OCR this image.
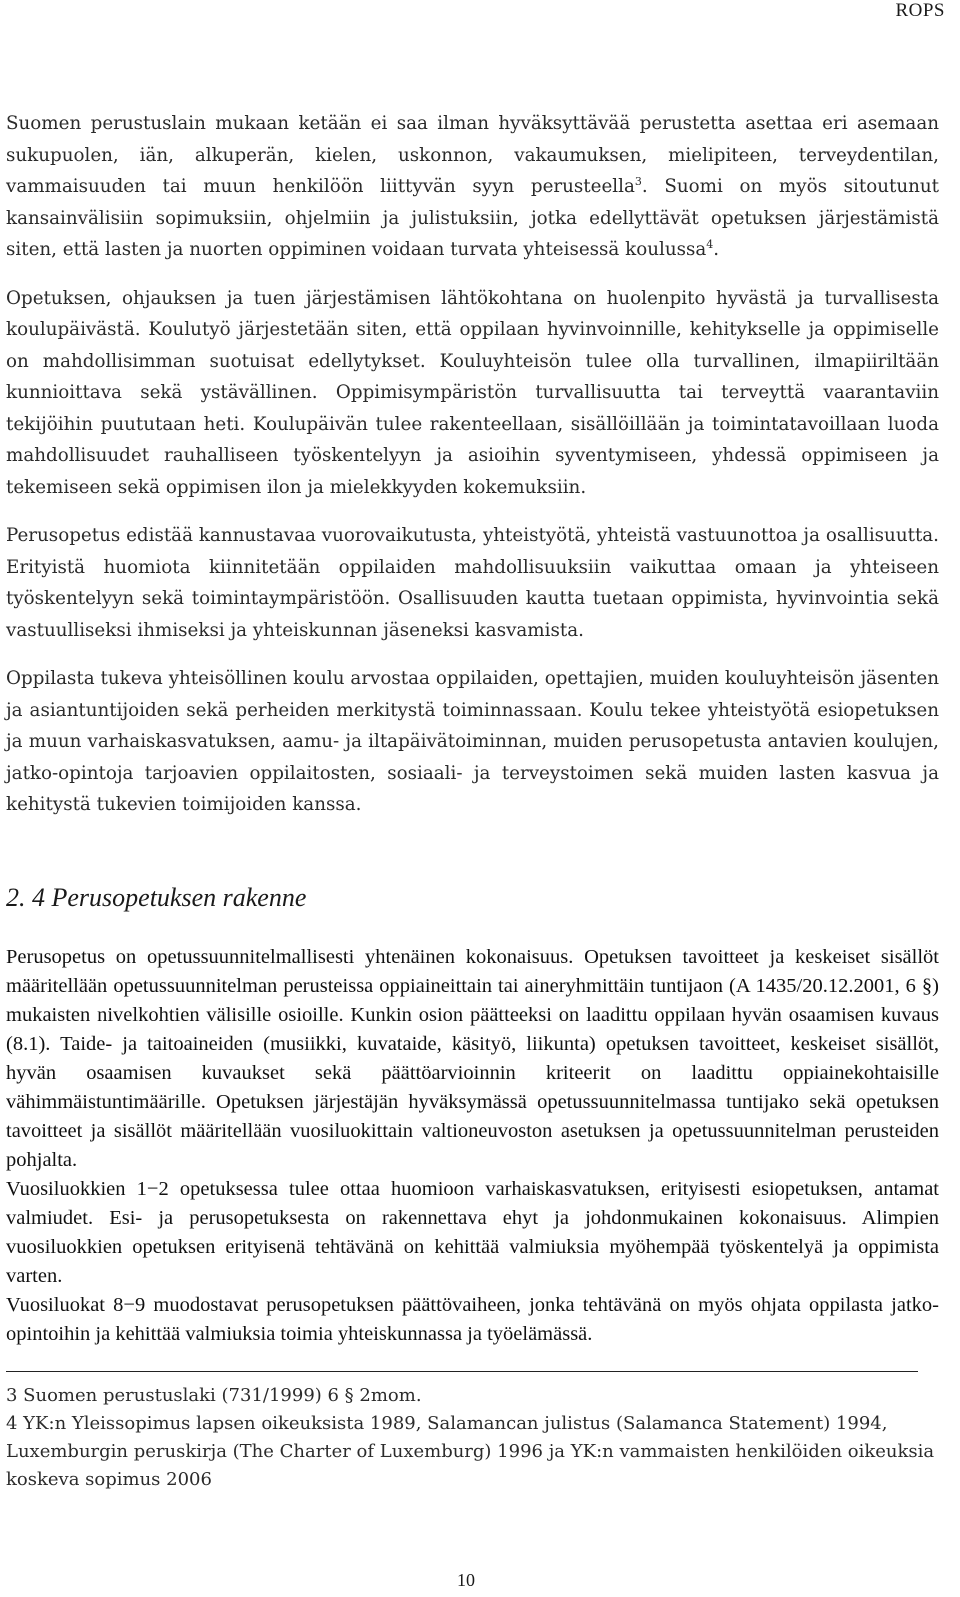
ROPS

Suomen perustuslain mukaan ketään ei saa ilman hyväksyttävää perustetta asettaa eri asemaan sukupuolen, iän, alkuperän, kielen, uskonnon, vakaumuksen, mielipiteen, terveydentilan, vammaisuuden tai muun henkilöön liittyvän syyn perusteella$^3$. Suomi on myös sitoutunut kansainvälisiin sopimuksiin, ohjelmiin ja julistuksiin, jotka edellyttävät opetuksen järjestämistä siten, että lasten ja nuorten oppiminen voidaan turvata yhteisessä koulussa$^4$.

Opetuksen, ohjauksen ja tuen järjestämisen lähtökohtana on huolenpito hyvästä ja turvallisesta koulupäivästä. Koulutyö järjestetään siten, että oppilaan hyvinvoinnille, kehitykselle ja oppimiselle on mahdollisimman suotuisat edellytykset. Kouluyhteisön tulee olla turvallinen, ilmapiiriltään kunnioittava sekä ystävällinen. Oppimisympäristön turvallisuutta tai terveyttä vaarantaviin tekijöihin puututaan heti. Koulupäivän tulee rakenteellaan, sisällöillään ja toimintatavoillaan luoda mahdollisuudet rauhalliseen työskentelyyn ja asioihin syventymiseen, yhdessä oppimiseen ja tekemiseen sekä oppimisen ilon ja mielekkyyden kokemuksiin.

Perusopetus edistää kannustavaa vuorovaikutusta, yhteistyötä, yhteistä vastuunottoa ja osallisuutta. Erityistä huomiota kiinnitetään oppilaiden mahdollisuuksiin vaikuttaa omaan ja yhteiseen työskentelyyn sekä toimintaympäristöön. Osallisuuden kautta tuetaan oppimista, hyvinvointia sekä vastuulliseksi ihmiseksi ja yhteiskunnan jäseneksi kasvamista.

Oppilasta tukeva yhteisöllinen koulu arvostaa oppilaiden, opettajien, muiden kouluyhteisön jäsenten ja asiantuntijoiden sekä perheiden merkitystä toiminnassaan. Koulu tekee yhteistyötä esiopetuksen ja muun varhaiskasvatuksen, aamu- ja iltapäivätoiminnan, muiden perusopetusta antavien koulujen, jatko-opintoja tarjoavien oppilaitosten, sosiaali- ja terveystoimen sekä muiden lasten kasvua ja kehitystä tukevien toimijoiden kanssa.

2. 4 Perusopetuksen rakenne

Perusopetus on opetussuunnitelmallisesti yhtenäinen kokonaisuus. Opetuksen tavoitteet ja keskeiset sisällöt määritellään opetussuunnitelman perusteissa oppiaineittain tai aineryhmittäin tuntijaon (A 1435/20.12.2001, 6 §) mukaisten nivelkohtien välisille osioille. Kunkin osion päätteeksi on laadittu oppilaan hyvän osaamisen kuvaus (8.1). Taide- ja taitoaineiden (musiikki, kuvataide, käsityö, liikunta) opetuksen tavoitteet, keskeiset sisällöt, hyvän osaamisen kuvaukset sekä päättöarvioinnin kriteerit on laadittu oppiainekohtaisille vähimmäistuntimäärille. Opetuksen järjestäjän hyväksymässä opetussuunnitelmassa tuntijako sekä opetuksen tavoitteet ja sisällöt määritellään vuosiluokittain valtioneuvoston asetuksen ja opetussuunnitelman perusteiden pohjalta.

Vuosiluokkien 1−2 opetuksessa tulee ottaa huomioon varhaiskasvatuksen, erityisesti esiopetuksen, antamat valmiudet. Esi- ja perusopetuksesta on rakennettava ehyt ja johdonmukainen kokonaisuus. Alimpien vuosiluokkien opetuksen erityisenä tehtävänä on kehittää valmiuksia myöhempää työskentelyä ja oppimista varten.

Vuosiluokat 8−9 muodostavat perusopetuksen päättövaiheen, jonka tehtävänä on myös ohjata oppilasta jatko-opintoihin ja kehittää valmiuksia toimia yhteiskunnassa ja työelämässä.

3 Suomen perustuslaki (731/1999) 6 § 2mom.

4 YK:n Yleissopimus lapsen oikeuksista 1989, Salamancan julistus (Salamanca Statement) 1994, Luxemburgin peruskirja (The Charter of Luxemburg) 1996 ja YK:n vammaisten henkilöiden oikeuksia koskeva sopimus 2006

10
